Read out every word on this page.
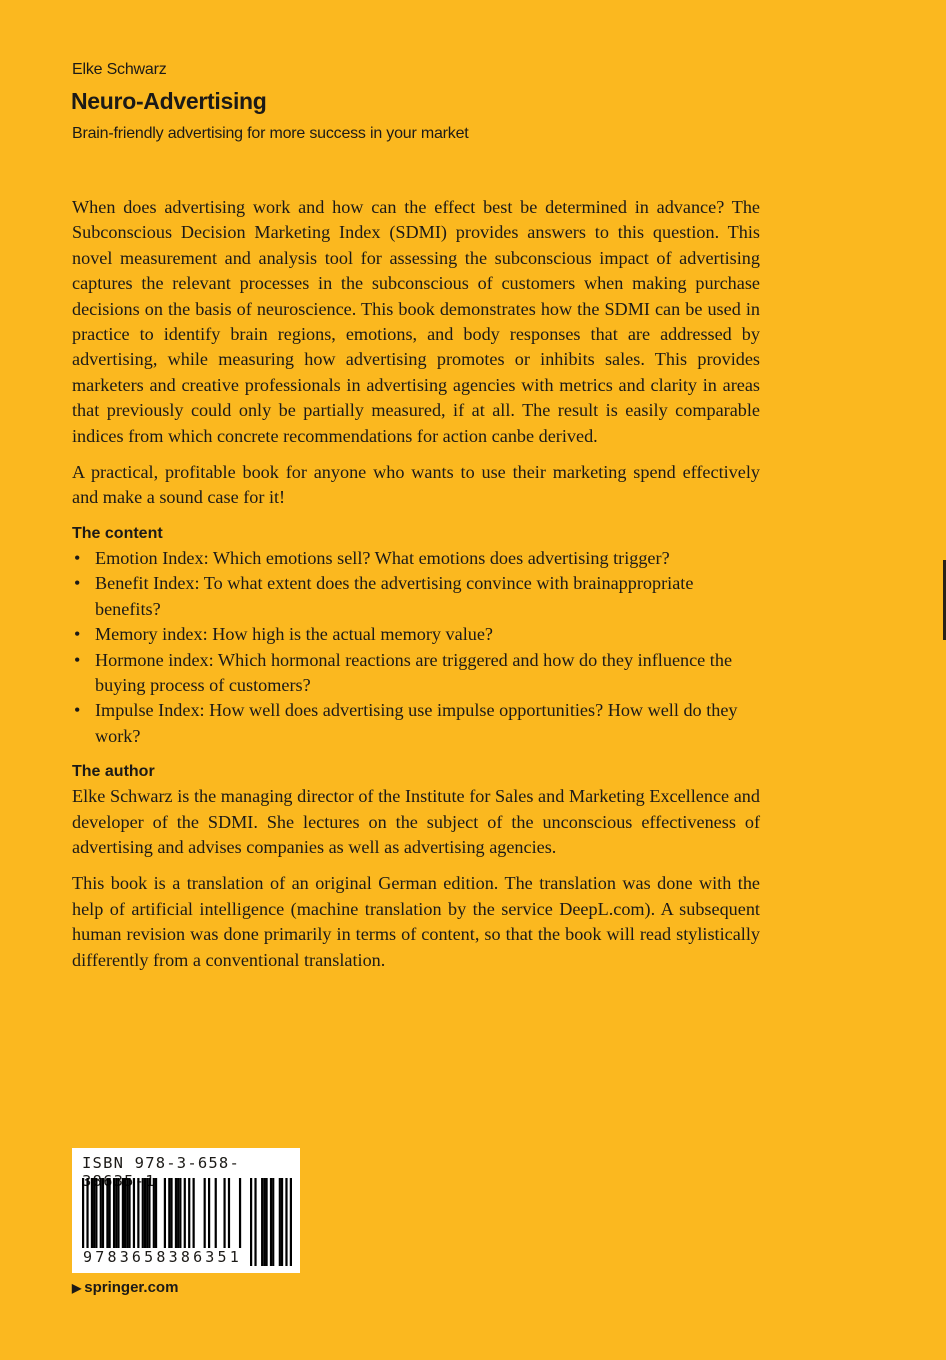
Elke Schwarz
Neuro-Advertising
Brain-friendly advertising for more success in your market

When does advertising work and how can the effect best be determined in advance? The Subconscious Decision Marketing Index (SDMI) provides answers to this question. This novel measurement and analysis tool for assessing the subconscious impact of advertising captures the relevant processes in the subconscious of customers when making purchase decisions on the basis of neuroscience. This book demonstrates how the SDMI can be used in practice to identify brain regions, emotions, and body responses that are addressed by advertising, while measuring how advertising promotes or inhibits sales. This provides marketers and creative professionals in advertising agencies with metrics and clarity in areas that previously could only be partially measured, if at all. The result is easily comparable indices from which concrete recommendations for action canbe derived.

A practical, profitable book for anyone who wants to use their marketing spend effectively and make a sound case for it!

The content
• Emotion Index: Which emotions sell? What emotions does advertising trigger?
• Benefit Index: To what extent does the advertising convince with brainappropriate benefits?
• Memory index: How high is the actual memory value?
• Hormone index: Which hormonal reactions are triggered and how do they influence the buying process of customers?
• Impulse Index: How well does advertising use impulse opportunities? How well do they work?
The author

Elke Schwarz is the managing director of the Institute for Sales and Marketing Excellence and developer of the SDMI. She lectures on the subject of the unconscious effectiveness of advertising and advises companies as well as advertising agencies.

This book is a translation of an original German edition. The translation was done with the help of artificial intelligence (machine translation by the service DeepL.com). A subsequent human revision was done primarily in terms of content, so that the book will read stylistically differently from a conventional translation.

ISBN 978-3-658- 8 5-1
9783658386351
▶ springer.com
